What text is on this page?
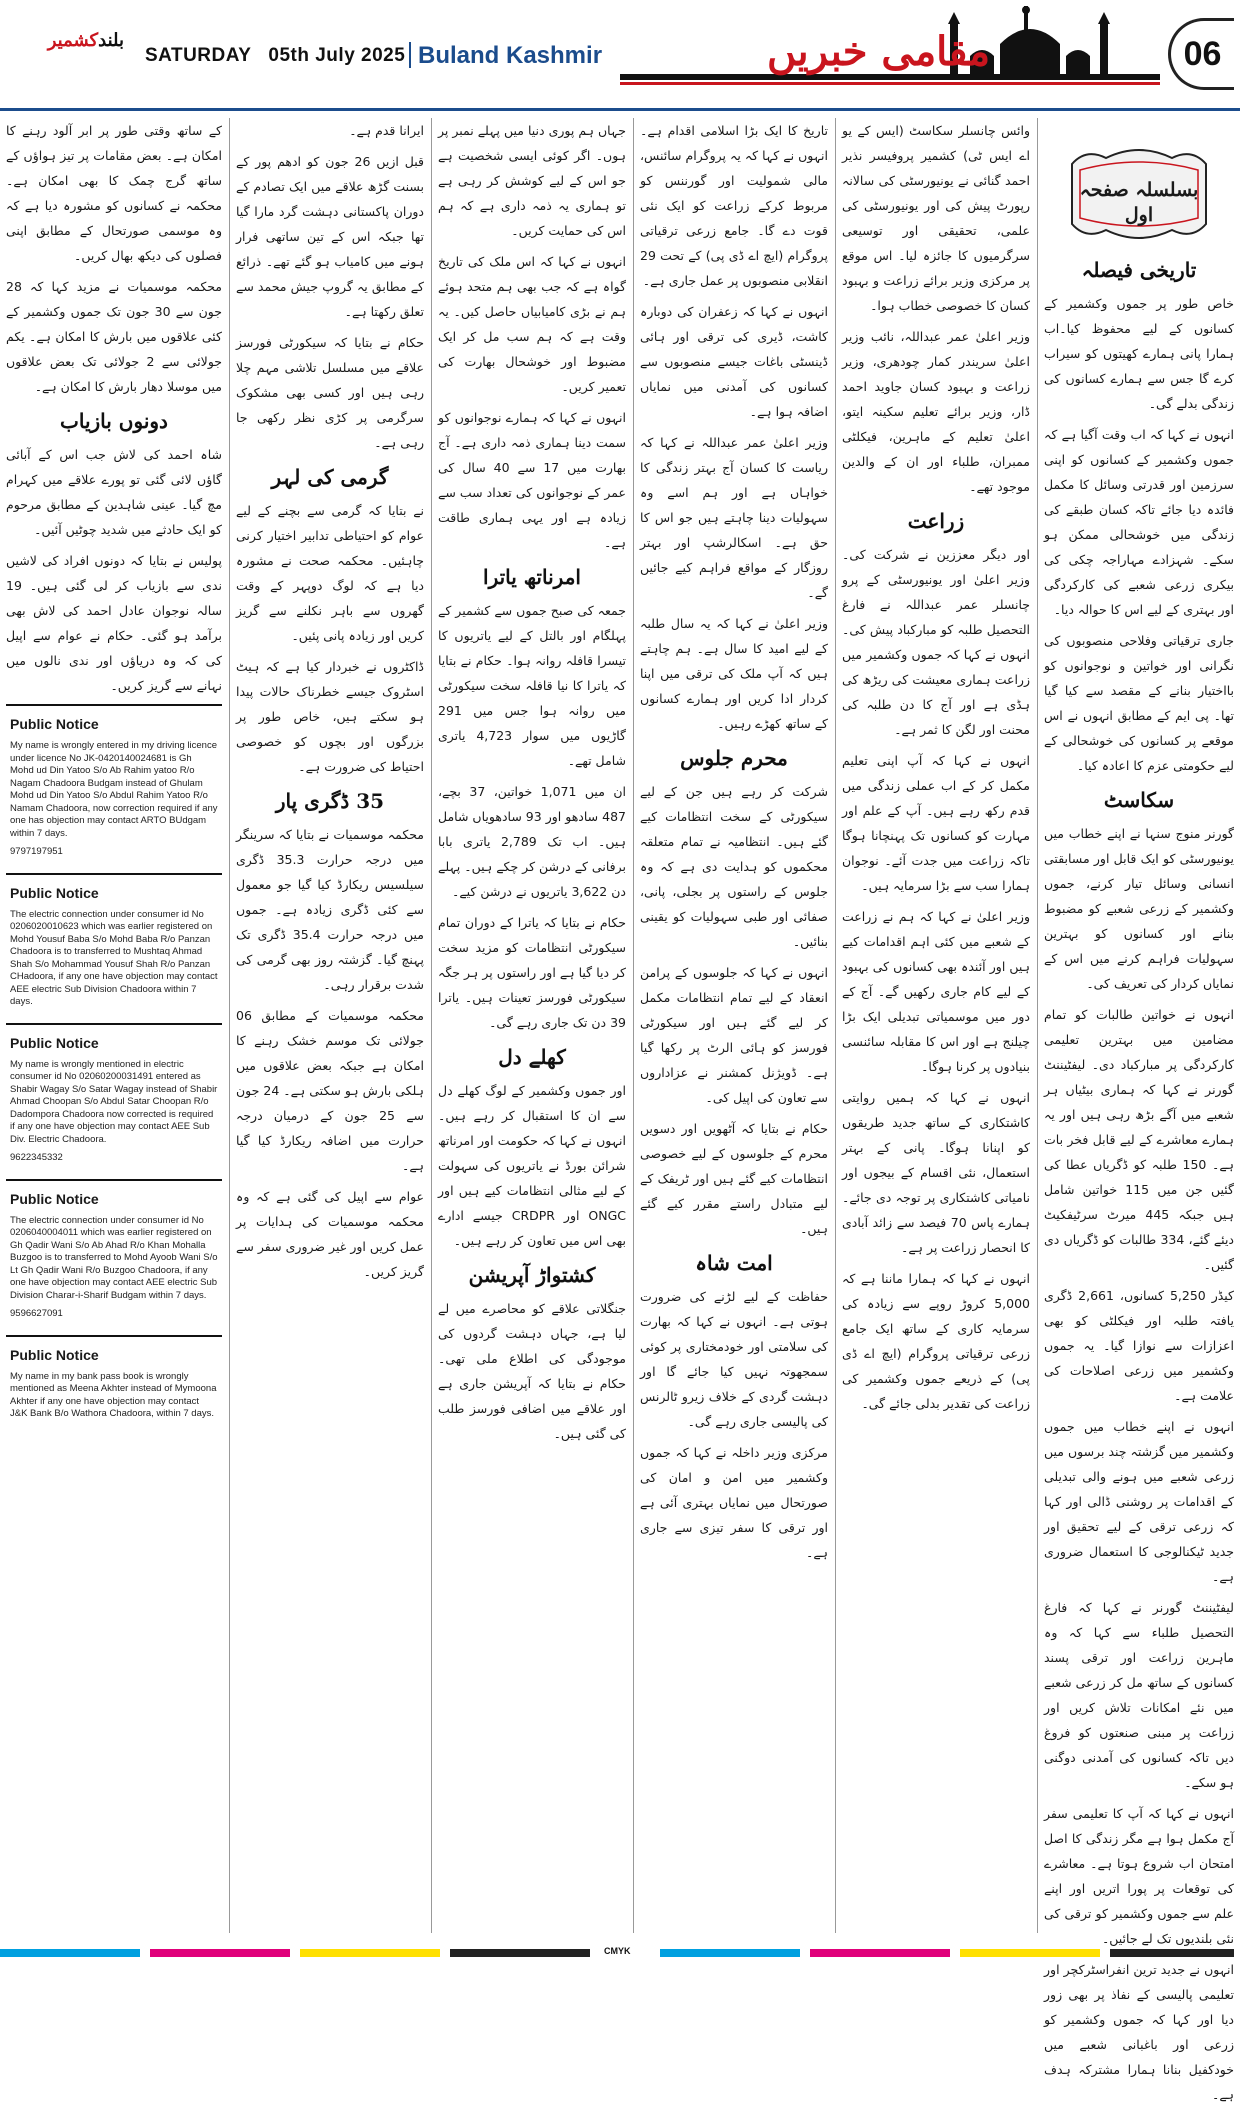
بلندکشمیر
SATURDAY   05th July 2025 Buland Kashmir	مقامی خبریں	06
بسلسلہ صفحہ اول
تاریخی فیصلہ

خاص طور پر جموں وکشمیر کے کسانوں کے لیے محفوظ کیا۔اب ہمارا پانی ہمارے کھیتوں کو سیراب کرے گا جس سے ہمارے کسانوں کی زندگی بدلے گی۔

انہوں نے کہا کہ اب وقت آگیا ہے کہ جموں وکشمیر کے کسانوں کو اپنی سرزمین اور قدرتی وسائل کا مکمل فائدہ دیا جائے تاکہ کسان طبقے کی زندگی میں خوشحالی ممکن ہو سکے۔ شہزادے مہاراجہ چکی کی بیکری زرعی شعبے کی کارکردگی اور بہتری کے لیے اس کا حوالہ دیا۔

جاری ترقیاتی وفلاحی منصوبوں کی نگرانی اور خواتین و نوجوانوں کو بااختیار بنانے کے مقصد سے کیا گیا تھا۔ پی ایم کے مطابق انہوں نے اس موقعے پر کسانوں کی خوشحالی کے لیے حکومتی عزم کا اعادہ کیا۔

سکاسٹ

گورنر منوج سنہا نے اپنے خطاب میں یونیورسٹی کو ایک قابل اور مسابقتی انسانی وسائل تیار کرنے، جموں وکشمیر کے زرعی شعبے کو مضبوط بنانے اور کسانوں کو بہترین سہولیات فراہم کرنے میں اس کے نمایاں کردار کی تعریف کی۔

انہوں نے خواتین طالبات کو تمام مضامین میں بہترین تعلیمی کارکردگی پر مبارکباد دی۔ لیفٹیننٹ گورنر نے کہا کہ ہماری بیٹیاں ہر شعبے میں آگے بڑھ رہی ہیں اور یہ ہمارے معاشرے کے لیے قابل فخر بات ہے۔ 150 طلبہ کو ڈگریاں عطا کی گئیں جن میں 115 خواتین شامل ہیں جبکہ 445 میرٹ سرٹیفکیٹ دیئے گئے، 334 طالبات کو ڈگریاں دی گئیں۔

کیڈر 5,250 کسانوں، 2,661 ڈگری یافتہ طلبہ اور فیکلٹی کو بھی اعزازات سے نوازا گیا۔ یہ جموں وکشمیر میں زرعی اصلاحات کی علامت ہے۔

انہوں نے اپنے خطاب میں جموں وکشمیر میں گزشتہ چند برسوں میں زرعی شعبے میں ہونے والی تبدیلی کے اقدامات پر روشنی ڈالی اور کہا کہ زرعی ترقی کے لیے تحقیق اور جدید ٹیکنالوجی کا استعمال ضروری ہے۔

لیفٹیننٹ گورنر نے کہا کہ فارغ التحصیل طلباء سے کہا کہ وہ ماہرین زراعت اور ترقی پسند کسانوں کے ساتھ مل کر زرعی شعبے میں نئے امکانات تلاش کریں اور زراعت پر مبنی صنعتوں کو فروغ دیں تاکہ کسانوں کی آمدنی دوگنی ہو سکے۔

انہوں نے کہا کہ آپ کا تعلیمی سفر آج مکمل ہوا ہے مگر زندگی کا اصل امتحان اب شروع ہوتا ہے۔ معاشرے کی توقعات پر پورا اتریں اور اپنے علم سے جموں وکشمیر کو ترقی کی نئی بلندیوں تک لے جائیں۔

انہوں نے جدید ترین انفراسٹرکچر اور تعلیمی پالیسی کے نفاذ پر بھی زور دیا اور کہا کہ جموں وکشمیر کو زرعی اور باغبانی شعبے میں خودکفیل بنانا ہمارا مشترکہ ہدف ہے۔

وائس چانسلر سکاسٹ (ایس کے یو اے ایس ٹی) کشمیر پروفیسر نذیر احمد گنائی نے یونیورسٹی کی سالانہ رپورٹ پیش کی اور یونیورسٹی کی علمی، تحقیقی اور توسیعی سرگرمیوں کا جائزہ لیا۔ اس موقع پر مرکزی وزیر برائے زراعت و بہبود کسان کا خصوصی خطاب ہوا۔

وزیر اعلیٰ عمر عبداللہ، نائب وزیر اعلیٰ سریندر کمار چودھری، وزیر زراعت و بہبود کسان جاوید احمد ڈار، وزیر برائے تعلیم سکینہ ایتو، اعلیٰ تعلیم کے ماہرین، فیکلٹی ممبران، طلباء اور ان کے والدین موجود تھے۔

زراعت

اور دیگر معززین نے شرکت کی۔ وزیر اعلیٰ اور یونیورسٹی کے پرو چانسلر عمر عبداللہ نے فارغ التحصیل طلبہ کو مبارکباد پیش کی۔ انہوں نے کہا کہ جموں وکشمیر میں زراعت ہماری معیشت کی ریڑھ کی ہڈی ہے اور آج کا دن طلبہ کی محنت اور لگن کا ثمر ہے۔

انہوں نے کہا کہ آپ اپنی تعلیم مکمل کر کے اب عملی زندگی میں قدم رکھ رہے ہیں۔ آپ کے علم اور مہارت کو کسانوں تک پہنچانا ہوگا تاکہ زراعت میں جدت آئے۔ نوجوان ہمارا سب سے بڑا سرمایہ ہیں۔

وزیر اعلیٰ نے کہا کہ ہم نے زراعت کے شعبے میں کئی اہم اقدامات کیے ہیں اور آئندہ بھی کسانوں کی بہبود کے لیے کام جاری رکھیں گے۔ آج کے دور میں موسمیاتی تبدیلی ایک بڑا چیلنج ہے اور اس کا مقابلہ سائنسی بنیادوں پر کرنا ہوگا۔

انہوں نے کہا کہ ہمیں روایتی کاشتکاری کے ساتھ جدید طریقوں کو اپنانا ہوگا۔ پانی کے بہتر استعمال، نئی اقسام کے بیجوں اور نامیاتی کاشتکاری پر توجہ دی جائے۔ ہمارے پاس 70 فیصد سے زائد آبادی کا انحصار زراعت پر ہے۔

انہوں نے کہا کہ ہمارا ماننا ہے کہ 5,000 کروڑ روپے سے زیادہ کی سرمایہ کاری کے ساتھ ایک جامع زرعی ترقیاتی پروگرام (ایچ اے ڈی پی) کے ذریعے جموں وکشمیر کی زراعت کی تقدیر بدلی جائے گی۔

تاریخ کا ایک بڑا اسلامی اقدام ہے۔ انہوں نے کہا کہ یہ پروگرام سائنس، مالی شمولیت اور گورننس کو مربوط کرکے زراعت کو ایک نئی قوت دے گا۔ جامع زرعی ترقیاتی پروگرام (ایچ اے ڈی پی) کے تحت 29 انقلابی منصوبوں پر عمل جاری ہے۔

انہوں نے کہا کہ زعفران کی دوبارہ کاشت، ڈیری کی ترقی اور ہائی ڈینسٹی باغات جیسے منصوبوں سے کسانوں کی آمدنی میں نمایاں اضافہ ہوا ہے۔

وزیر اعلیٰ عمر عبداللہ نے کہا کہ ریاست کا کسان آج بہتر زندگی کا خواہاں ہے اور ہم اسے وہ سہولیات دینا چاہتے ہیں جو اس کا حق ہے۔ اسکالرشپ اور بہتر روزگار کے مواقع فراہم کیے جائیں گے۔

وزیر اعلیٰ نے کہا کہ یہ سال طلبہ کے لیے امید کا سال ہے۔ ہم چاہتے ہیں کہ آپ ملک کی ترقی میں اپنا کردار ادا کریں اور ہمارے کسانوں کے ساتھ کھڑے رہیں۔

محرم جلوس

شرکت کر رہے ہیں جن کے لیے سیکورٹی کے سخت انتظامات کیے گئے ہیں۔ انتظامیہ نے تمام متعلقہ محکموں کو ہدایت دی ہے کہ وہ جلوس کے راستوں پر بجلی، پانی، صفائی اور طبی سہولیات کو یقینی بنائیں۔

انہوں نے کہا کہ جلوسوں کے پرامن انعقاد کے لیے تمام انتظامات مکمل کر لیے گئے ہیں اور سیکورٹی فورسز کو ہائی الرٹ پر رکھا گیا ہے۔ ڈویژنل کمشنر نے عزاداروں سے تعاون کی اپیل کی۔

حکام نے بتایا کہ آٹھویں اور دسویں محرم کے جلوسوں کے لیے خصوصی انتظامات کیے گئے ہیں اور ٹریفک کے لیے متبادل راستے مقرر کیے گئے ہیں۔

امت شاہ

حفاظت کے لیے لڑنے کی ضرورت ہوتی ہے۔ انہوں نے کہا کہ بھارت کی سلامتی اور خودمختاری پر کوئی سمجھوتہ نہیں کیا جائے گا اور دہشت گردی کے خلاف زیرو ٹالرنس کی پالیسی جاری رہے گی۔

مرکزی وزیر داخلہ نے کہا کہ جموں وکشمیر میں امن و امان کی صورتحال میں نمایاں بہتری آئی ہے اور ترقی کا سفر تیزی سے جاری ہے۔

جہاں ہم پوری دنیا میں پہلے نمبر پر ہوں۔ اگر کوئی ایسی شخصیت ہے جو اس کے لیے کوشش کر رہی ہے تو ہماری یہ ذمہ داری ہے کہ ہم اس کی حمایت کریں۔

انہوں نے کہا کہ اس ملک کی تاریخ گواہ ہے کہ جب بھی ہم متحد ہوئے ہم نے بڑی کامیابیاں حاصل کیں۔ یہ وقت ہے کہ ہم سب مل کر ایک مضبوط اور خوشحال بھارت کی تعمیر کریں۔

انہوں نے کہا کہ ہمارے نوجوانوں کو سمت دینا ہماری ذمہ داری ہے۔ آج بھارت میں 17 سے 40 سال کی عمر کے نوجوانوں کی تعداد سب سے زیادہ ہے اور یہی ہماری طاقت ہے۔

امرناتھ یاترا

جمعہ کی صبح جموں سے کشمیر کے پہلگام اور بالتل کے لیے یاتریوں کا تیسرا قافلہ روانہ ہوا۔ حکام نے بتایا کہ یاترا کا نیا قافلہ سخت سیکورٹی میں روانہ ہوا جس میں 291 گاڑیوں میں سوار 4,723 یاتری شامل تھے۔

ان میں 1,071 خواتین، 37 بچے، 487 سادھو اور 93 سادھویاں شامل ہیں۔ اب تک 2,789 یاتری بابا برفانی کے درشن کر چکے ہیں۔ پہلے دن 3,622 یاتریوں نے درشن کیے۔

حکام نے بتایا کہ یاترا کے دوران تمام سیکورٹی انتظامات کو مزید سخت کر دیا گیا ہے اور راستوں پر ہر جگہ سیکورٹی فورسز تعینات ہیں۔ یاترا 39 دن تک جاری رہے گی۔

کھلے دل

اور جموں وکشمیر کے لوگ کھلے دل سے ان کا استقبال کر رہے ہیں۔ انہوں نے کہا کہ حکومت اور امرناتھ شرائن بورڈ نے یاتریوں کی سہولت کے لیے مثالی انتظامات کیے ہیں اور ONGC اور CRDPR جیسے ادارے بھی اس میں تعاون کر رہے ہیں۔

کشتواڑ آپریشن

جنگلاتی علاقے کو محاصرے میں لے لیا ہے، جہاں دہشت گردوں کی موجودگی کی اطلاع ملی تھی۔ حکام نے بتایا کہ آپریشن جاری ہے اور علاقے میں اضافی فورسز طلب کی گئی ہیں۔

ایرانا قدم ہے۔

قبل ازیں 26 جون کو ادھم پور کے بسنت گڑھ علاقے میں ایک تصادم کے دوران پاکستانی دہشت گرد مارا گیا تھا جبکہ اس کے تین ساتھی فرار ہونے میں کامیاب ہو گئے تھے۔ ذرائع کے مطابق یہ گروپ جیش محمد سے تعلق رکھتا ہے۔

حکام نے بتایا کہ سیکورٹی فورسز علاقے میں مسلسل تلاشی مہم چلا رہی ہیں اور کسی بھی مشکوک سرگرمی پر کڑی نظر رکھی جا رہی ہے۔

گرمی کی لہر

نے بتایا کہ گرمی سے بچنے کے لیے عوام کو احتیاطی تدابیر اختیار کرنی چاہئیں۔ محکمہ صحت نے مشورہ دیا ہے کہ لوگ دوپہر کے وقت گھروں سے باہر نکلنے سے گریز کریں اور زیادہ پانی پئیں۔

ڈاکٹروں نے خبردار کیا ہے کہ ہیٹ اسٹروک جیسے خطرناک حالات پیدا ہو سکتے ہیں، خاص طور پر بزرگوں اور بچوں کو خصوصی احتیاط کی ضرورت ہے۔

35 ڈگری پار

محکمہ موسمیات نے بتایا کہ سرینگر میں درجہ حرارت 35.3 ڈگری سیلسیس ریکارڈ کیا گیا جو معمول سے کئی ڈگری زیادہ ہے۔ جموں میں درجہ حرارت 35.4 ڈگری تک پہنچ گیا۔ گزشتہ روز بھی گرمی کی شدت برقرار رہی۔

محکمہ موسمیات کے مطابق 06 جولائی تک موسم خشک رہنے کا امکان ہے جبکہ بعض علاقوں میں ہلکی بارش ہو سکتی ہے۔ 24 جون سے 25 جون کے درمیان درجہ حرارت میں اضافہ ریکارڈ کیا گیا ہے۔

عوام سے اپیل کی گئی ہے کہ وہ محکمہ موسمیات کی ہدایات پر عمل کریں اور غیر ضروری سفر سے گریز کریں۔

کے ساتھ وقتی طور پر ابر آلود رہنے کا امکان ہے۔ بعض مقامات پر تیز ہواؤں کے ساتھ گرج چمک کا بھی امکان ہے۔ محکمہ نے کسانوں کو مشورہ دیا ہے کہ وہ موسمی صورتحال کے مطابق اپنی فصلوں کی دیکھ بھال کریں۔

محکمہ موسمیات نے مزید کہا کہ 28 جون سے 30 جون تک جموں وکشمیر کے کئی علاقوں میں بارش کا امکان ہے۔ یکم جولائی سے 2 جولائی تک بعض علاقوں میں موسلا دھار بارش کا امکان ہے۔

دونوں بازیاب

شاہ احمد کی لاش جب اس کے آبائی گاؤں لائی گئی تو پورے علاقے میں کہرام مچ گیا۔ عینی شاہدین کے مطابق مرحوم کو ایک حادثے میں شدید چوٹیں آئیں۔

پولیس نے بتایا کہ دونوں افراد کی لاشیں ندی سے بازیاب کر لی گئی ہیں۔ 19 سالہ نوجوان عادل احمد کی لاش بھی برآمد ہو گئی۔ حکام نے عوام سے اپیل کی کہ وہ دریاؤں اور ندی نالوں میں نہانے سے گریز کریں۔

Public Notice

My name is wrongly entered in my driving licence under licence No JK-0420140024681 is Gh Mohd ud Din Yatoo S/o Ab Rahim yatoo R/o Nagam Chadoora Budgam instead of Ghulam Mohd ud Din Yatoo S/o Abdul Rahim Yatoo R/o Namam Chadoora, now correction required if any one has objection may contact ARTO BUdgam within 7 days.

9797197951

Public Notice

The electric connection under consumer id No 0206020010623 which was earlier registered on Mohd Yousuf Baba S/o Mohd Baba R/o Panzan Chadoora is to transferred to Mushtaq Ahmad Shah S/o Mohammad Yousuf Shah R/o Panzan CHadoora, if any one have objection may contact AEE electric Sub Division Chadoora within 7 days.

Public Notice

My name is wrongly mentioned in electric consumer id No 02060200031491 entered as Shabir Wagay S/o Satar Wagay instead of Shabir Ahmad Choopan S/o Abdul Satar Choopan R/o Dadompora Chadoora now corrected is required if any one have objection may contact AEE Sub Div. Electric Chadoora.

9622345332

Public Notice

The electric connection under consumer id No 0206040004011 which was earlier registered on Gh Qadir Wani S/o Ab Ahad R/o Khan Mohalla Buzgoo is to transferred to Mohd Ayoob Wani S/o Lt Gh Qadir Wani R/o Buzgoo Chadoora, if any one have objection may contact AEE electric Sub Division Charar-i-Sharif Budgam within 7 days.

9596627091

Public Notice

My name in my bank pass book is wrongly mentioned as Meena Akhter instead of Mymoona Akhter if any one have objection may contact J&K Bank B/o Wathora Chadoora, within 7 days.

CMYK
